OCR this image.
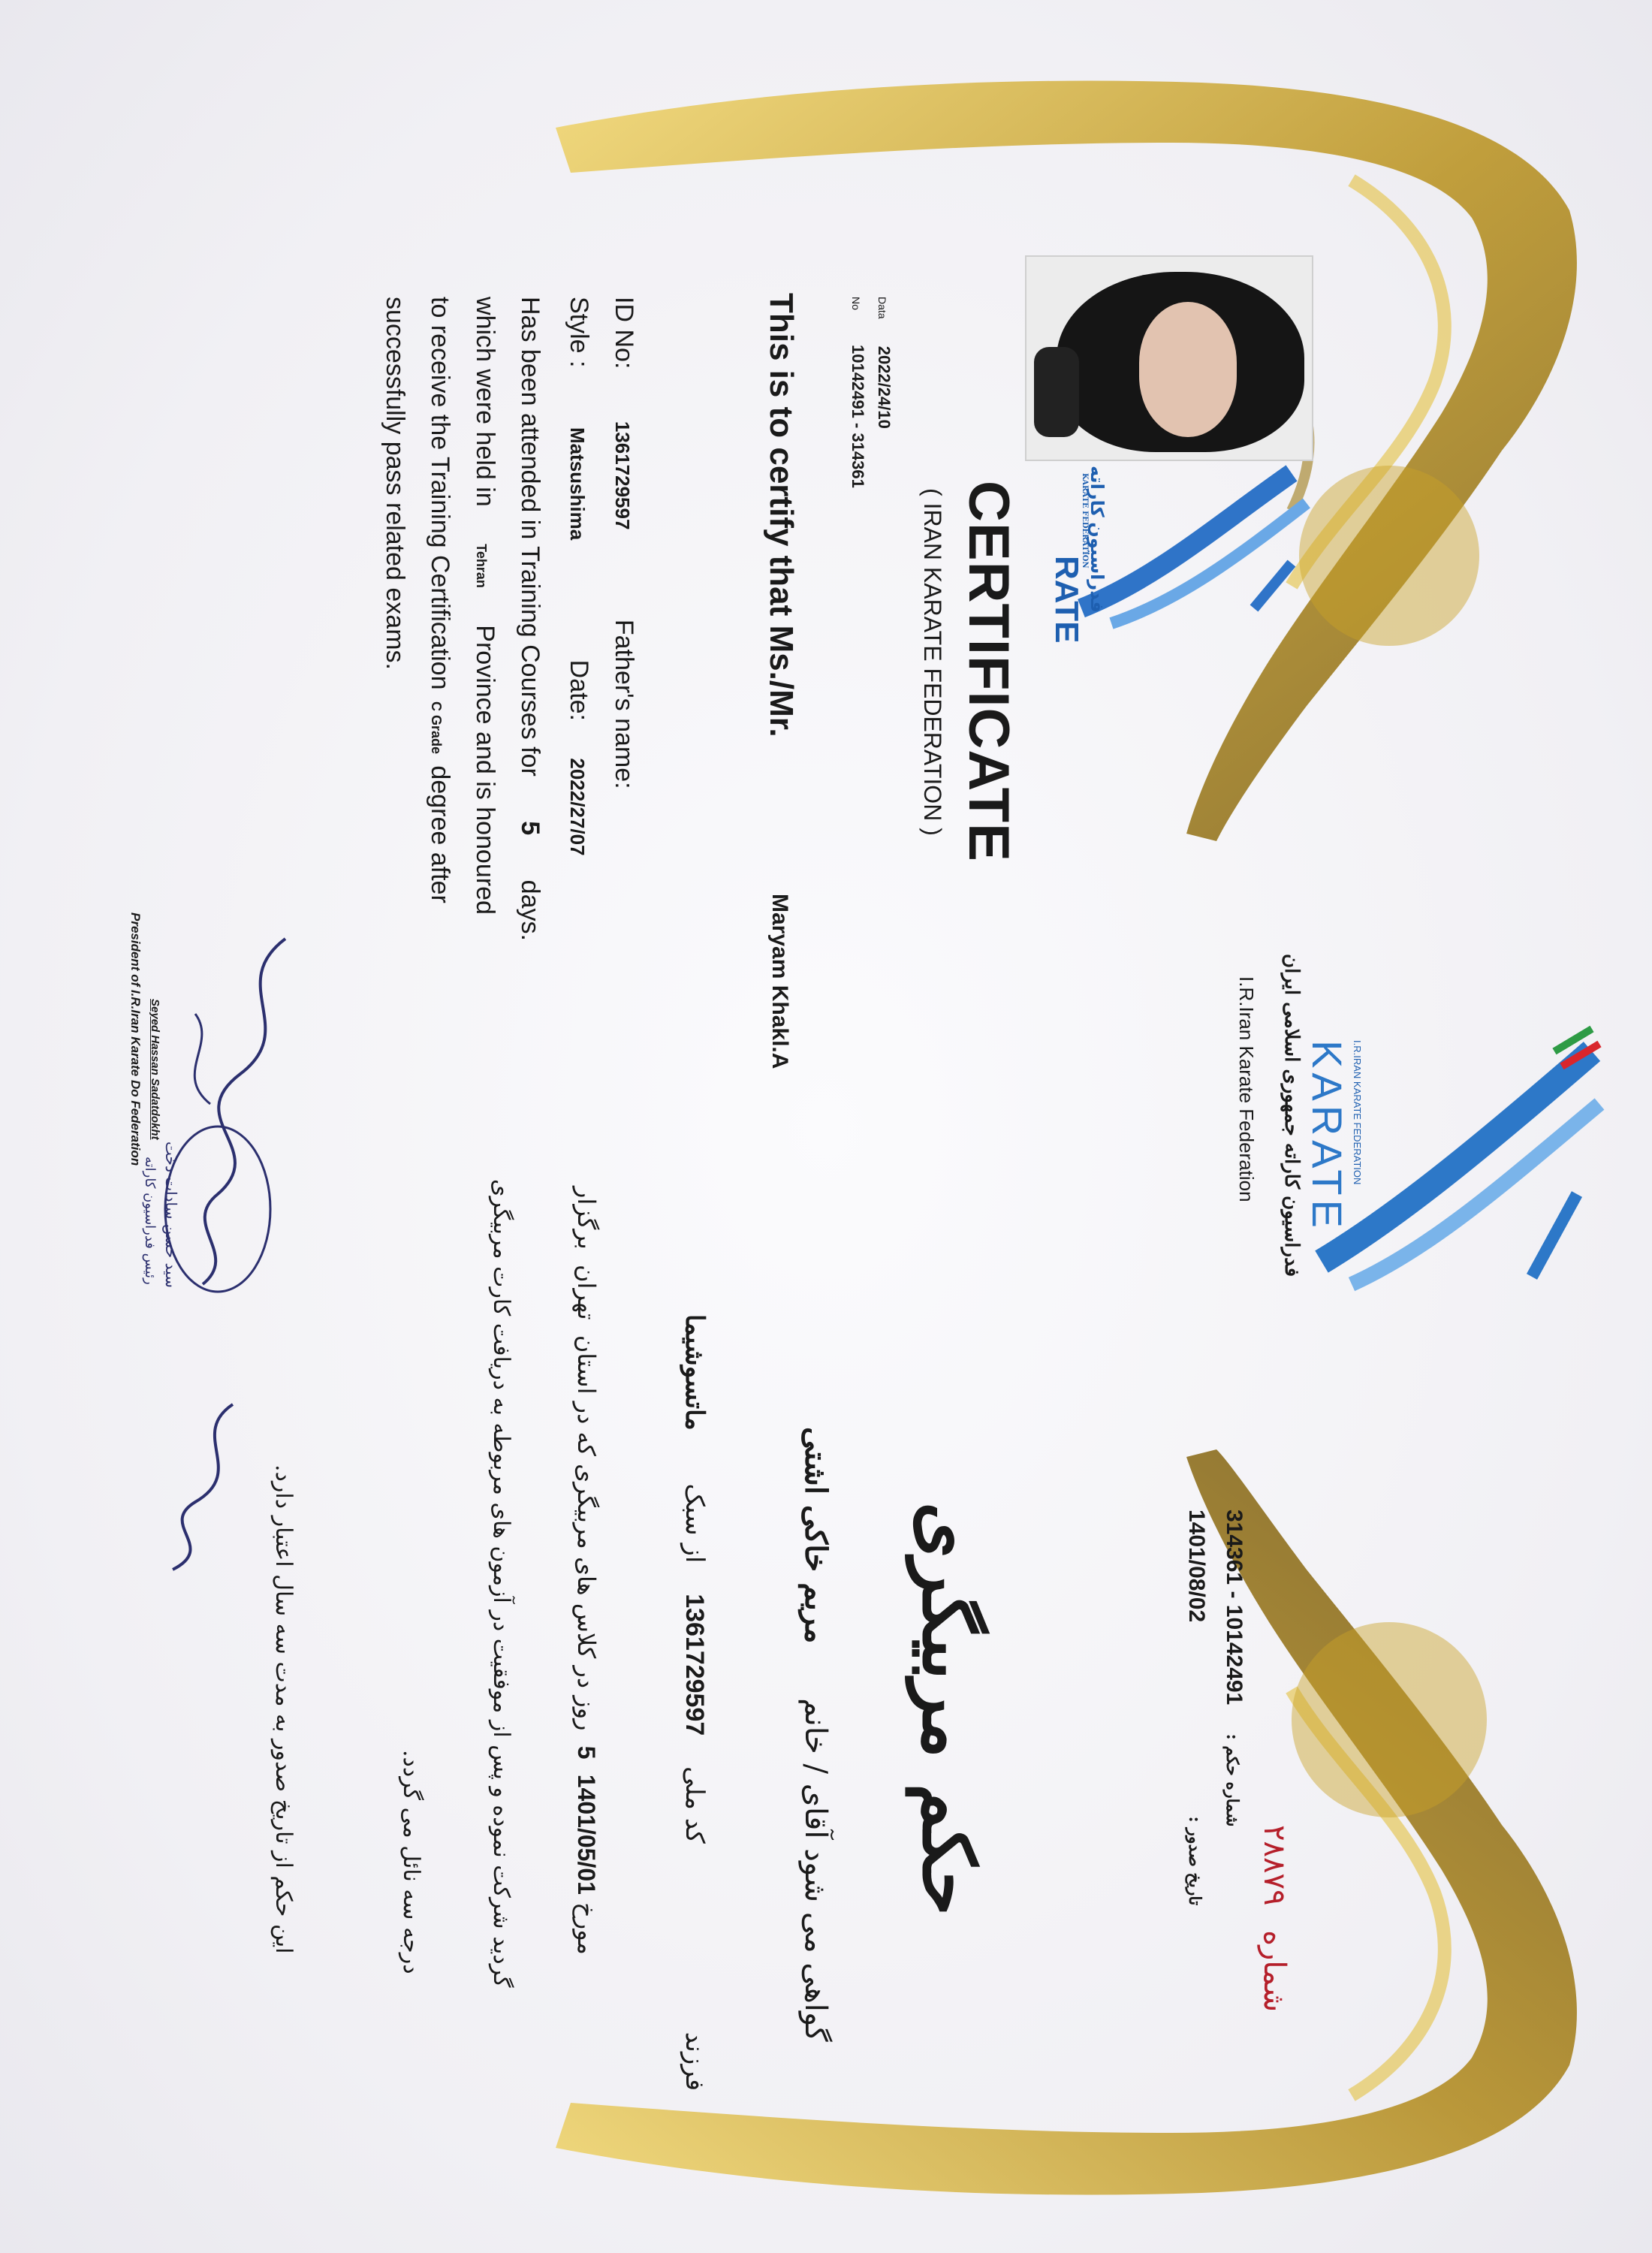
Data 2022/24/10
No 10142491 - 314361
CERTIFICATE
( IRAN KARATE FEDERATION )
This is to certify that Ms./Mr.
Maryam Khakl.A
ID No: 1361729597 Father's name:
Style : Matsushima Date: 2022/27/07
Has been attended in Training Courses for 5 days.
which were held in Tehran Province and is honoured
to receive the Training Certification C Grade degree after
successfully pass related exams.
Seyed Hassan Sadatdokht
President of I.R.Iran Karate Do Federation
فدراسیون کاراته
KARATE FEDERATION
RATE
I.R.IRAN KARATE FEDERATION
KARATE
فدراسیون کاراته جمهوری اسلامی ایران
I.R.Iran Karate Federation
شماره ۲۸۸۷۹
314361 - 10142491 شماره حکم :
1401/08/02 تاریخ صدور :
حکم مربیگری
گواهی می شود آقای / خانم مریم خاکی اشتی
فرزند کد ملی 1361729597 از سبک ماتسوشیما
مورخ 1401/05/01 5 روز در کلاس های مربیگری که در استان تهران برگزار
گردید شرکت نموده و پس از موفقیت در آزمون های مربوطه به دریافت کارت مربیگری
درجه سه نائل می گردد.
این حکم از تاریخ صدور به مدت سه سال اعتبار دارد.
سید حسن سادات دخت
رئیس فدراسیون کاراته
